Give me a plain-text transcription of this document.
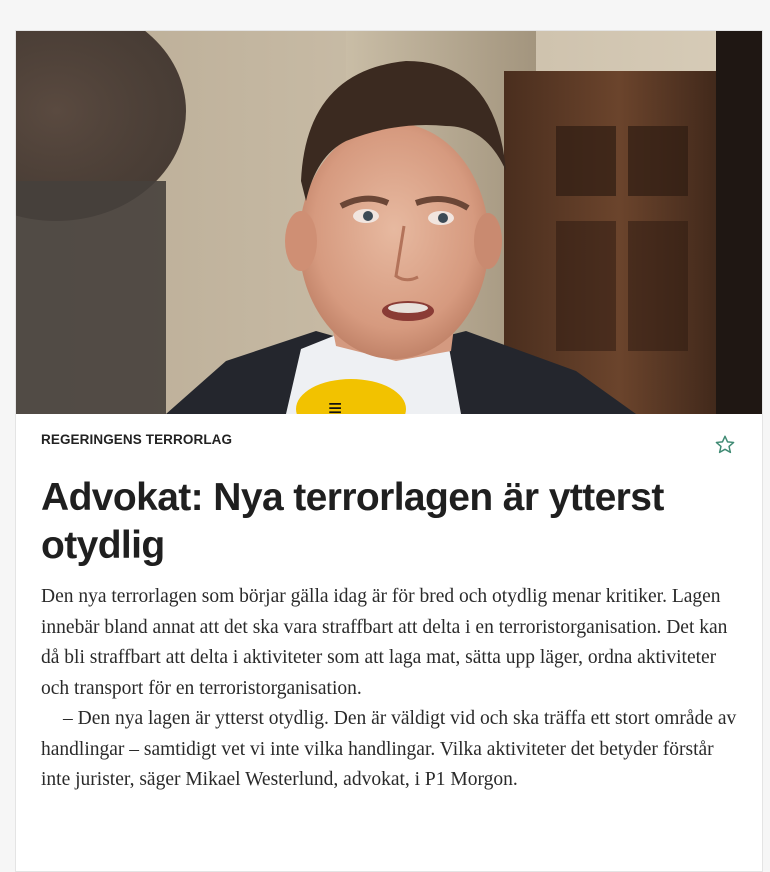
≡

REGERINGENS TERRORLAG

Advokat: Nya terrorlagen är ytterst otydlig

Den nya terrorlagen som börjar gälla idag är för bred och otydlig menar kritiker. Lagen innebär bland annat att det ska vara straffbart att delta i en terroristorganisation. Det kan då bli straffbart att delta i aktiviteter som att laga mat, sätta upp läger, ordna aktiviteter och transport för en terroristorganisation.

– Den nya lagen är ytterst otydlig. Den är väldigt vid och ska träffa ett stort område av handlingar – samtidigt vet vi inte vilka handlingar. Vilka aktiviteter det betyder förstår inte jurister, säger Mikael Westerlund, advokat, i P1 Morgon.
